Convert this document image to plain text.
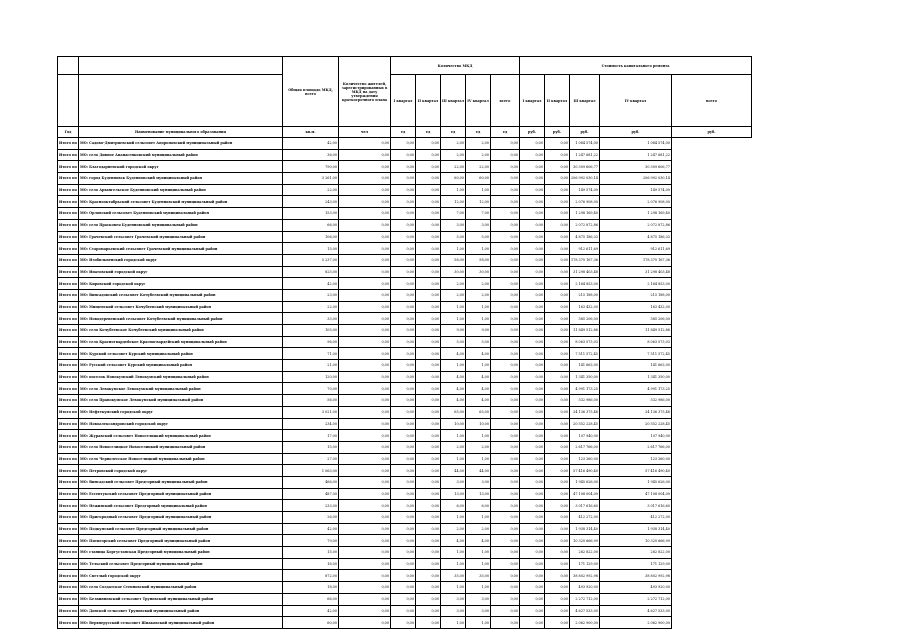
		Общая площадь МКД, всего	Количество жителей, зарегистрированных в МКД на дату утверждения краткосрочного плана	Количество МКД					Стоимость капитального ремонта				
				I квартал	II квартал	III квартал	IV квартал	всего	I квартал	II квартал	III квартал	IV квартал	всего
Год	Наименование муниципального образования	кв.м.	чел	ед	ед	ед	ед	ед	руб.	руб.	руб.	руб.	руб.
Итого по	МО: Садово-Дмитриевский сельсовет Андроповский муниципальный район	42,00	0,00	0,00	0,00	2,00	2,00	0,00	0,00	0,00	1 084 574,00	1 084 574,00	
Итого по	МО: село Дивное Апанасенковский муниципальный район	36,00	0,00	0,00	0,00	2,00	2,00	0,00	0,00	0,00	1 247 681,22	1 247 681,22	
Итого по	МО: Благодарненский городской округ	790,00	0,00	0,00	0,00	22,00	22,00	0,00	0,00	0,00	30 309 606,77	30 309 606,77	
Итого по	МО: город Буденновск Буденновский муниципальный район	3 261,00	0,00	0,00	0,00	60,00	60,00	0,00	0,00	0,00	206 992 030,14	206 992 030,14	
Итого по	МО: село Архангельское Буденновский муниципальный район	22,00	0,00	0,00	0,00	1,00	1,00	0,00	0,00	0,00	149 574,00	149 574,00	
Итого по	МО: Краснооктябрьский сельсовет Буденновский муниципальный район	243,00	0,00	0,00	0,00	12,00	12,00	0,00	0,00	0,00	2 076 908,00	2 076 908,00	
Итого по	МО: Орловский сельсовет Буденновский муниципальный район	153,00	0,00	0,00	0,00	7,00	7,00	0,00	0,00	0,00	1 298 169,40	1 298 169,40	
Итого по	МО: село Прасковея Буденновский муниципальный район	66,00	0,00	0,00	0,00	3,00	3,00	0,00	0,00	0,00	2 072 872,86	2 072 872,86	
Итого по	МО: Грачевский сельсовет Грачевский муниципальный район	106,00	0,00	0,00	0,00	5,00	5,00	0,00	0,00	0,00	4 875 186,33	4 875 186,33	
Итого по	МО: Старомарьевский сельсовет Грачевский муниципальный район	15,00	0,00	0,00	0,00	1,00	1,00	0,00	0,00	0,00	912 611,69	912 611,69	
Итого по	МО: Изобильненский городской округ	5 237,00	0,00	0,00	0,00	58,00	58,00	0,00	0,00	0,00	178 370 167,36	178 370 167,36	
Итого по	МО: Ипатовский городской округ	825,00	0,00	0,00	0,00	30,00	30,00	0,00	0,00	0,00	31 298 403,48	31 298 403,48	
Итого по	МО: Кировский городской округ	42,00	0,00	0,00	0,00	2,00	2,00	0,00	0,00	0,00	2 164 853,00	2 164 853,00	
Итого по	МО: Винсадовский сельсовет Кочубеевский муниципальный район	23,00	0,00	0,00	0,00	2,00	2,00	0,00	0,00	0,00	215 188,00	215 188,00	
Итого по	МО: Мищенский сельсовет Кочубеевский муниципальный район	22,00	0,00	0,00	0,00	1,00	1,00	0,00	0,00	0,00	163 432,00	163 432,00	
Итого по	МО: Новодеревенский сельсовет Кочубеевский муниципальный район	33,00	0,00	0,00	0,00	1,00	1,00	0,00	0,00	0,00	585 206,00	585 206,00	
Итого по	МО: село Кочубеевское Кочубеевский муниципальный район	105,00	0,00	0,00	0,00	9,00	9,00	0,00	0,00	0,00	11 849 512,86	11 849 512,86	
Итого по	МО: село Красногвардейское Красногвардейский муниципальный район	96,00	0,00	0,00	0,00	5,00	5,00	0,00	0,00	0,00	8 063 573,03	8 063 573,03	
Итого по	МО: Курский сельсовет Курский муниципальный район	71,00	0,00	0,00	0,00	4,00	4,00	0,00	0,00	0,00	7 511 572,45	7 511 572,45	
Итого по	МО: Русский сельсовет Курский муниципальный район	21,00	0,00	0,00	0,00	1,00	1,00	0,00	0,00	0,00	141 663,00	141 663,00	
Итого по	МО: поселок Новокумский Левокумский муниципальный район	120,00	0,00	0,00	0,00	4,00	4,00	0,00	0,00	0,00	1 341 350,00	1 341 350,00	
Итого по	МО: село Левокумское Левокумский муниципальный район	70,00	0,00	0,00	0,00	4,00	4,00	0,00	0,00	0,00	4 991 173,25	4 991 173,25	
Итого по	МО: село Правокумское Левокумский муниципальный район	56,00	0,00	0,00	0,00	4,00	4,00	0,00	0,00	0,00	532 986,00	532 986,00	
Итого по	МО: Нефтекумский городской округ	3 021,00	0,00	0,00	0,00	65,00	65,00	0,00	0,00	0,00	34 136 375,46	34 136 375,46	
Итого по	МО: Новоалександровский городской округ	234,00	0,00	0,00	0,00	10,00	10,00	0,00	0,00	0,00	20 552 228,45	20 552 228,45	
Итого по	МО: Журавский сельсовет Новоселицкий муниципальный район	17,00	0,00	0,00	0,00	1,00	1,00	0,00	0,00	0,00	107 940,00	107 940,00	
Итого по	МО: село Новоселицкое Новоселицкий муниципальный район	15,00	0,00	0,00	0,00	2,00	2,00	0,00	0,00	0,00	2 617 766,00	2 617 766,00	
Итого по	МО: село Чернолесское Новоселицкий муниципальный район	27,00	0,00	0,00	0,00	1,00	1,00	0,00	0,00	0,00	123 360,00	123 360,00	
Итого по	МО: Петровский городской округ	1 063,00	0,00	0,00	0,00	44,00	44,00	0,00	0,00	0,00	57 416 490,40	57 416 490,40	
Итого по	МО: Винсадский сельсовет Предгорный муниципальный район	466,00	0,00	0,00	0,00	3,00	3,00	0,00	0,00	0,00	1 945 626,00	1 945 626,00	
Итого по	МО: Ессентукский сельсовет Предгорный муниципальный район	487,00	0,00	0,00	0,00	13,00	13,00	0,00	0,00	0,00	47 108 004,00	47 108 004,00	
Итого по	МО: Нежинский сельсовет Предгорный муниципальный район	233,00	0,00	0,00	0,00	6,00	6,00	0,00	0,00	0,00	3 017 616,60	3 017 616,60	
Итого по	МО: Пригородный сельсовет Предгорный муниципальный район	26,00	0,00	0,00	0,00	1,00	1,00	0,00	0,00	0,00	412 272,00	412 272,00	
Итого по	МО: Подкумский сельсовет Предгорный муниципальный район	42,00	0,00	0,00	0,00	2,00	2,00	0,00	0,00	0,00	1 938 314,40	1 938 314,40	
Итого по	МО: Пятигорский сельсовет Предгорный муниципальный район	79,00	0,00	0,00	0,00	4,00	4,00	0,00	0,00	0,00	10 320 666,99	10 320 666,99	
Итого по	МО: станица Боргустанская Предгорный муниципальный район	15,00	0,00	0,00	0,00	1,00	1,00	0,00	0,00	0,00	282 822,00	282 822,00	
Итого по	МО: Тельский сельсовет Предгорный муниципальный район	16,00	0,00	0,00	0,00	1,00	1,00	0,00	0,00	0,00	171 129,00	171 129,00	
Итого по	МО: Светлый городской округ	872,00	0,00	0,00	0,00	35,00	35,00	0,00	0,00	0,00	38 802 992,98	38 802 992,98	
Итого по	МО: село Солдатское Степновский муниципальный район	18,00	0,00	0,00	0,00	1,00	1,00	0,00	0,00	0,00	493 920,00	493 920,00	
Итого по	МО: Безвинновский сельсовет Труновский муниципальный район	66,00	0,00	0,00	0,00	3,00	3,00	0,00	0,00	0,00	2 272 712,00	2 272 712,00	
Итого по	МО: Донской сельсовет Труновский муниципальный район	42,00	0,00	0,00	0,00	3,00	3,00	0,00	0,00	0,00	4 627 533,00	4 627 533,00	
Итого по	МО: Верхнерусский сельсовет Шпаковский муниципальный район	60,00	0,00	0,00	0,00	1,00	1,00	0,00	0,00	0,00	2 062 900,00	2 062 900,00	
